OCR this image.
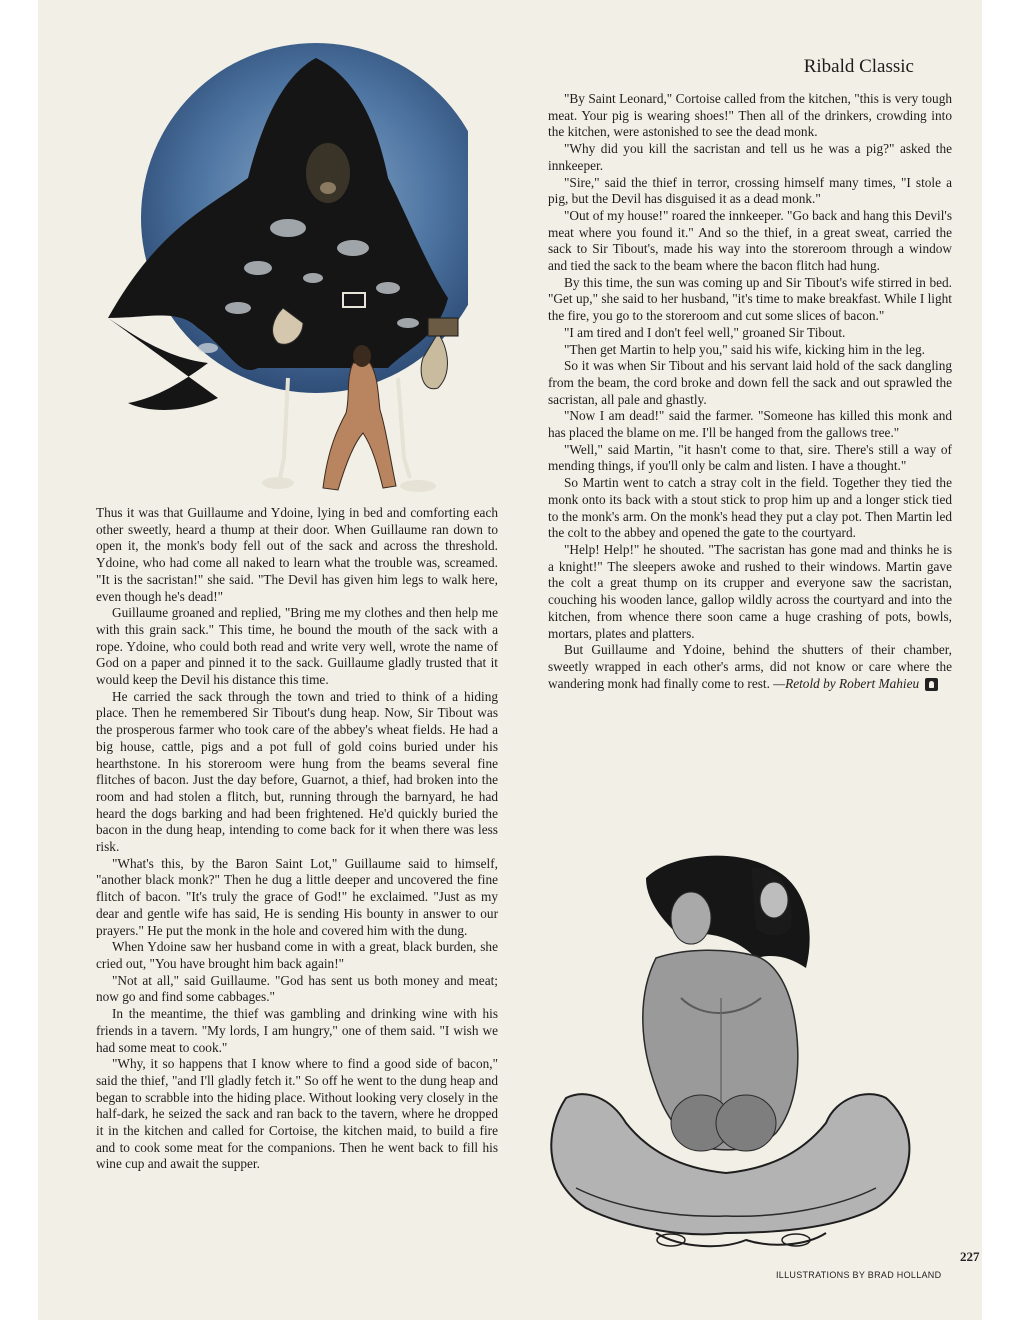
Ribald Classic

Thus it was that Guillaume and Ydoine, lying in bed and comforting each other sweetly, heard a thump at their door. When Guillaume ran down to open it, the monk's body fell out of the sack and across the threshold. Ydoine, who had come all naked to learn what the trouble was, screamed. "It is the sacristan!" she said. "The Devil has given him legs to walk here, even though he's dead!"

Guillaume groaned and replied, "Bring me my clothes and then help me with this grain sack." This time, he bound the mouth of the sack with a rope. Ydoine, who could both read and write very well, wrote the name of God on a paper and pinned it to the sack. Guillaume gladly trusted that it would keep the Devil his distance this time.

He carried the sack through the town and tried to think of a hiding place. Then he remembered Sir Tibout's dung heap. Now, Sir Tibout was the prosperous farmer who took care of the abbey's wheat fields. He had a big house, cattle, pigs and a pot full of gold coins buried under his hearthstone. In his storeroom were hung from the beams several fine flitches of bacon. Just the day before, Guarnot, a thief, had broken into the room and had stolen a flitch, but, running through the barnyard, he had heard the dogs barking and had been frightened. He'd quickly buried the bacon in the dung heap, intending to come back for it when there was less risk.

"What's this, by the Baron Saint Lot," Guillaume said to himself, "another black monk?" Then he dug a little deeper and uncovered the fine flitch of bacon. "It's truly the grace of God!" he exclaimed. "Just as my dear and gentle wife has said, He is sending His bounty in answer to our prayers." He put the monk in the hole and covered him with the dung.

When Ydoine saw her husband come in with a great, black burden, she cried out, "You have brought him back again!"

"Not at all," said Guillaume. "God has sent us both money and meat; now go and find some cabbages."

In the meantime, the thief was gambling and drinking wine with his friends in a tavern. "My lords, I am hungry," one of them said. "I wish we had some meat to cook."

"Why, it so happens that I know where to find a good side of bacon," said the thief, "and I'll gladly fetch it." So off he went to the dung heap and began to scrabble into the hiding place. Without looking very closely in the half-dark, he seized the sack and ran back to the tavern, where he dropped it in the kitchen and called for Cortoise, the kitchen maid, to build a fire and to cook some meat for the companions. Then he went back to fill his wine cup and await the supper.

"By Saint Leonard," Cortoise called from the kitchen, "this is very tough meat. Your pig is wearing shoes!" Then all of the drinkers, crowding into the kitchen, were astonished to see the dead monk.

"Why did you kill the sacristan and tell us he was a pig?" asked the innkeeper.

"Sire," said the thief in terror, crossing himself many times, "I stole a pig, but the Devil has disguised it as a dead monk."

"Out of my house!" roared the innkeeper. "Go back and hang this Devil's meat where you found it." And so the thief, in a great sweat, carried the sack to Sir Tibout's, made his way into the storeroom through a window and tied the sack to the beam where the bacon flitch had hung.

By this time, the sun was coming up and Sir Tibout's wife stirred in bed. "Get up," she said to her husband, "it's time to make breakfast. While I light the fire, you go to the storeroom and cut some slices of bacon."

"I am tired and I don't feel well," groaned Sir Tibout.

"Then get Martin to help you," said his wife, kicking him in the leg.

So it was when Sir Tibout and his servant laid hold of the sack dangling from the beam, the cord broke and down fell the sack and out sprawled the sacristan, all pale and ghastly.

"Now I am dead!" said the farmer. "Someone has killed this monk and has placed the blame on me. I'll be hanged from the gallows tree."

"Well," said Martin, "it hasn't come to that, sire. There's still a way of mending things, if you'll only be calm and listen. I have a thought."

So Martin went to catch a stray colt in the field. Together they tied the monk onto its back with a stout stick to prop him up and a longer stick tied to the monk's arm. On the monk's head they put a clay pot. Then Martin led the colt to the abbey and opened the gate to the courtyard.

"Help! Help!" he shouted. "The sacristan has gone mad and thinks he is a knight!" The sleepers awoke and rushed to their windows. Martin gave the colt a great thump on its crupper and everyone saw the sacristan, couching his wooden lance, gallop wildly across the courtyard and into the kitchen, from whence there soon came a huge crashing of pots, bowls, mortars, plates and platters.

But Guillaume and Ydoine, behind the shutters of their chamber, sweetly wrapped in each other's arms, did not know or care where the wandering monk had finally come to rest. —Retold by Robert Mahieu

227
ILLUSTRATIONS BY BRAD HOLLAND
